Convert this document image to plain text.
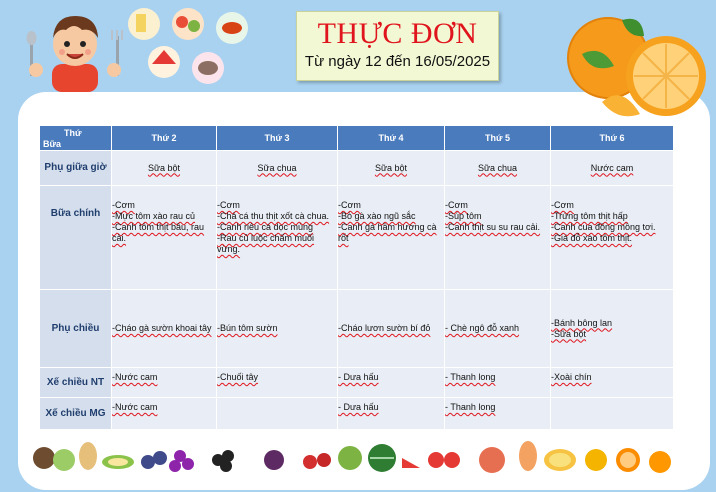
THỰC ĐƠN
Từ ngày 12 đến 16/05/2025
Thứ
Bữa	Thứ 2	Thứ 3	Thứ 4	Thứ 5	Thứ 6
Phụ giữa giờ	Sữa bột	Sữa chua	Sữa bột	Sữa chua	Nước cam

Bữa chính	-Cơm
-Mực tôm xào rau củ
-Canh tôm thịt bầu, rau cải.	-Cơm
-Chả cá thu thịt xốt cà chua.
-Canh riêu cá dọc mùng
-Rau củ luộc chấm muối vừng.	-Cơm
-Bò gà xào ngũ sắc
-Canh gà hầm hương cà rốt	-Cơm
-Súp tôm
-Canh thịt su su rau cải.	-Cơm
-Trứng tôm thịt hấp
-Canh cua đồng mồng tơi.
-Giá đỗ xào tôm thịt.

Phụ chiều	-Cháo gà sườn khoai tây	-Bún tôm sườn	-Cháo lươn sườn bí đỏ	- Chè ngô đỗ xanh	-Bánh bông lan
-Sữa bột

Xế chiều NT	-Nước cam	-Chuối tây	- Dưa hấu	- Thanh long	-Xoài chín

Xế chiều MG	-Nước cam		- Dưa hấu	- Thanh long	
